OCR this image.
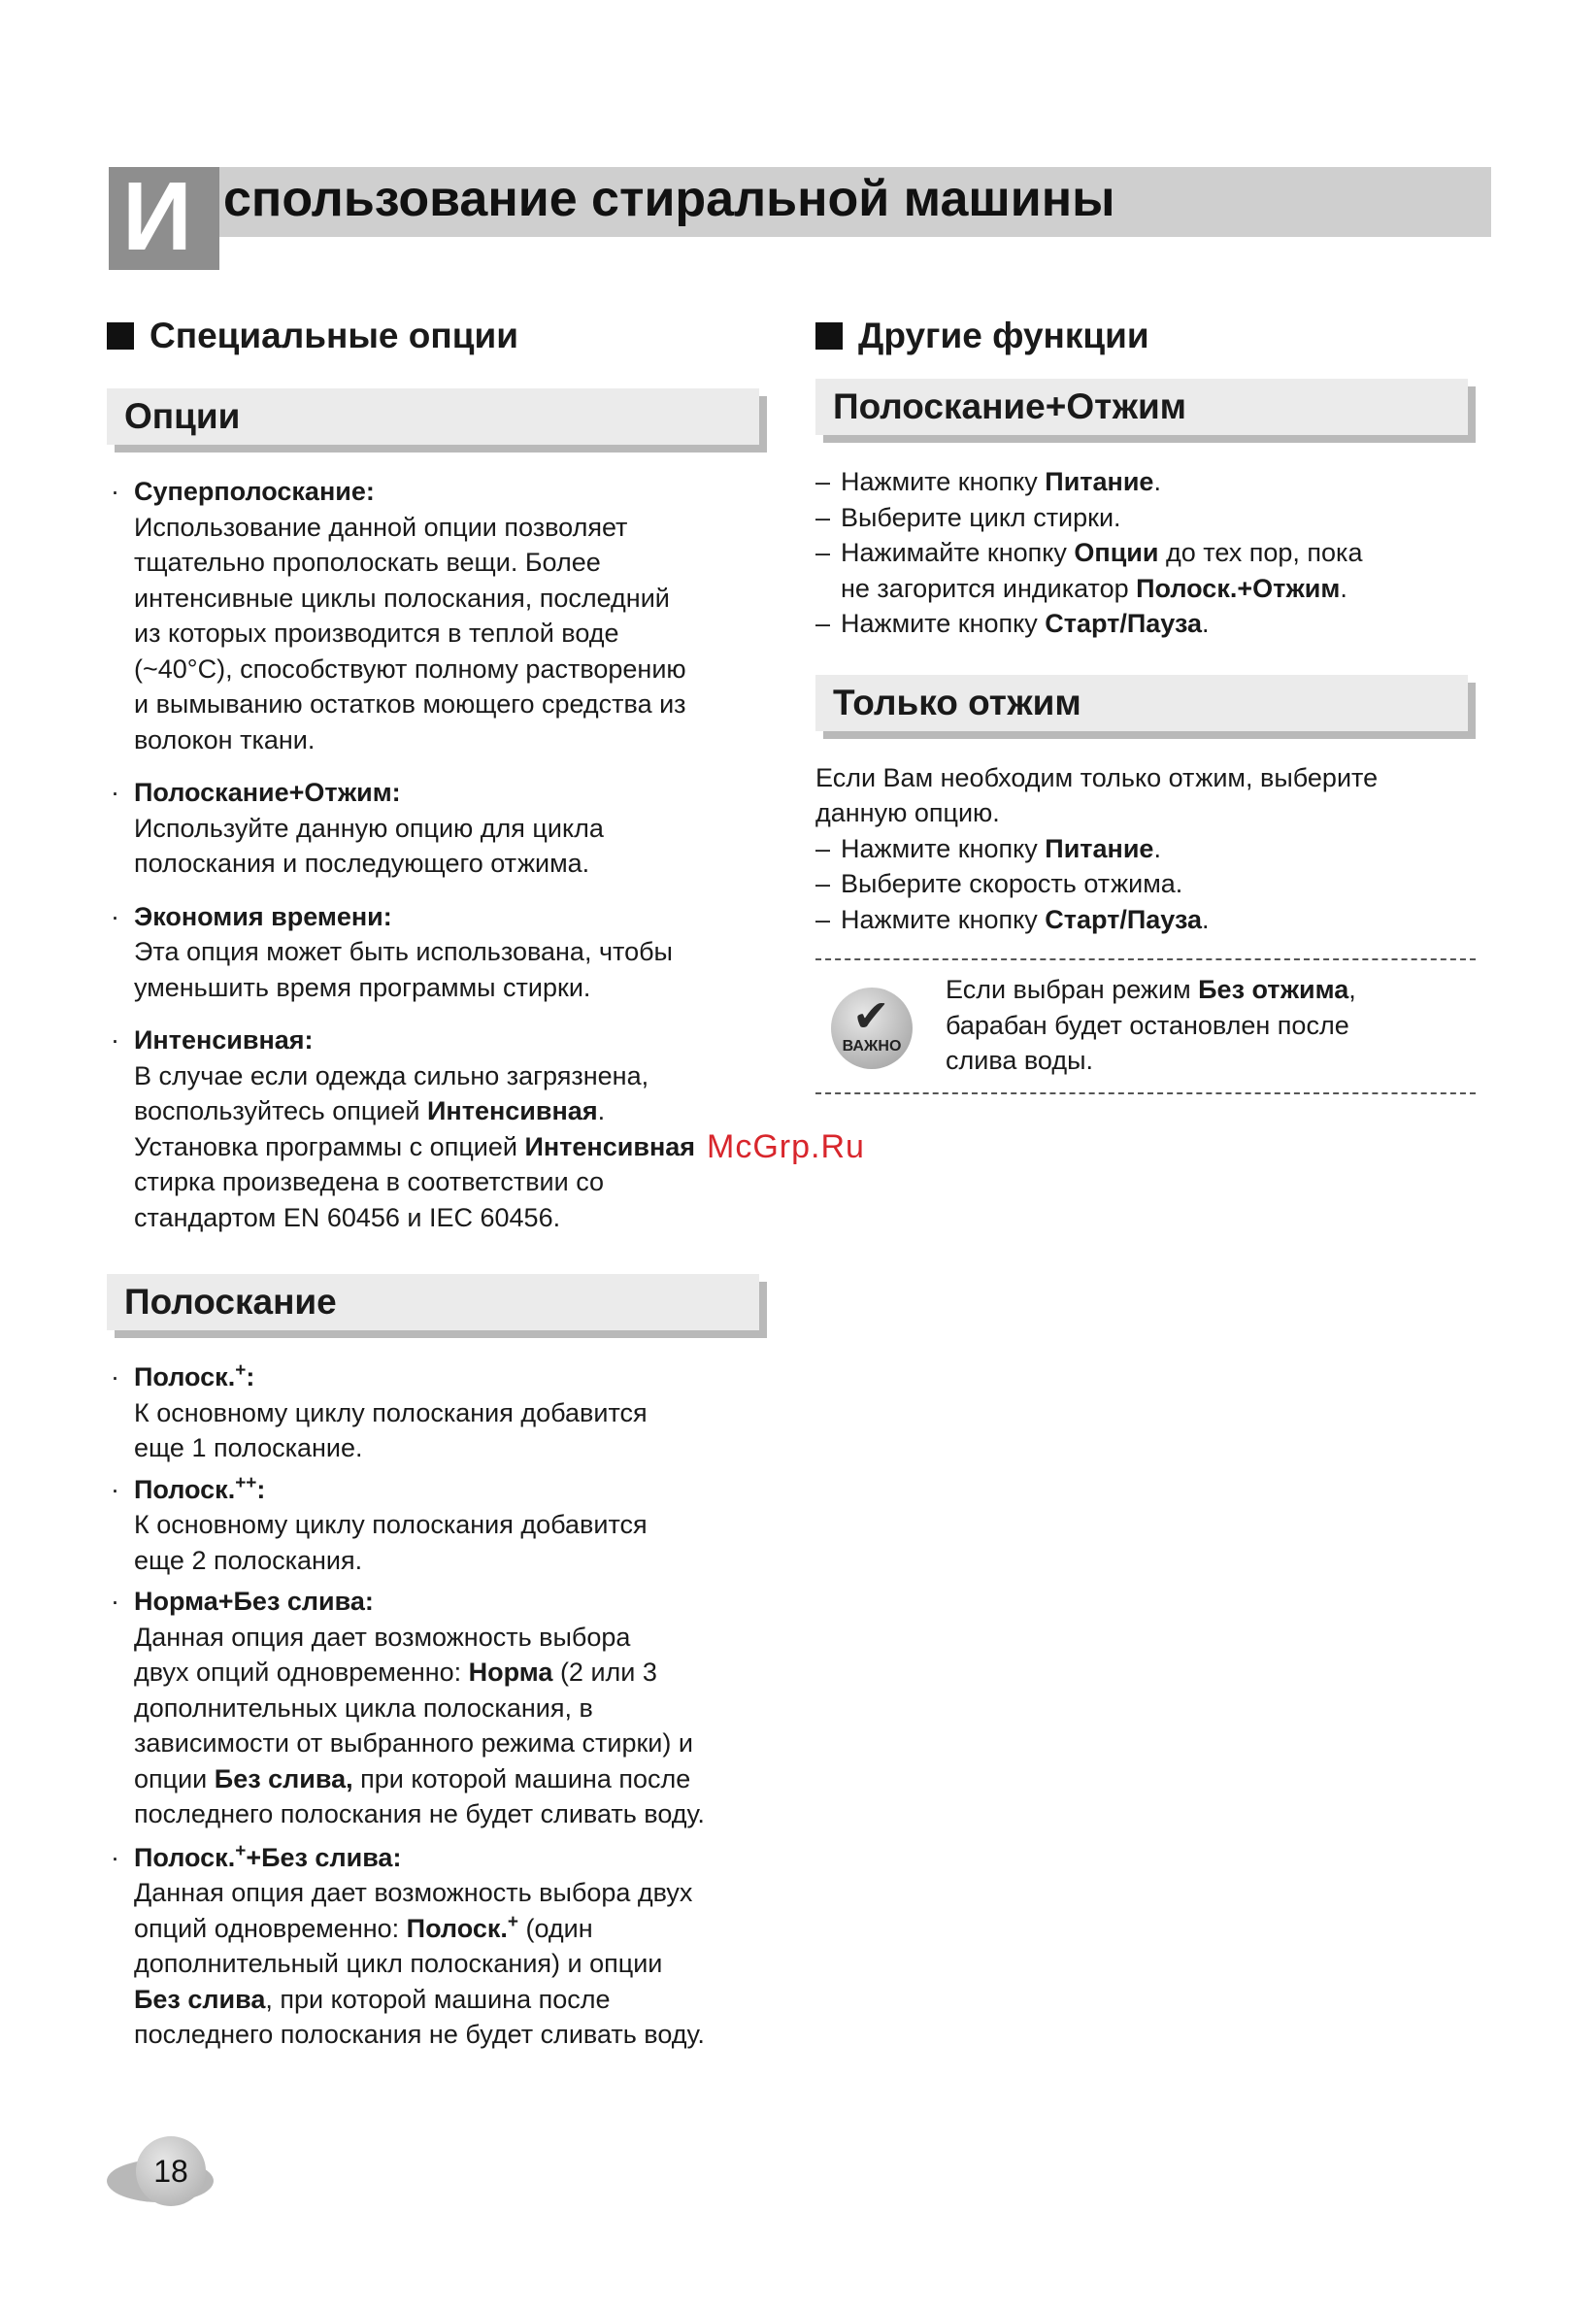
И спользование стиральной машины
Специальные опции
Опции
· Суперполоскание:
Использование данной опции позволяет
тщательно прополоскать вещи. Более
интенсивные циклы полоскания, последний
из которых производится в теплой воде
(~40°C), способствуют полному растворению
и вымыванию остатков моющего средства из
волокон ткани.
· Полоскание+Отжим:
Используйте данную опцию для цикла
полоскания и последующего отжима.
· Экономия времени:
Эта опция может быть использована, чтобы
уменьшить время программы стирки.
· Интенсивная:
В случае если одежда сильно загрязнена,
воспользуйтесь опцией Интенсивная.
Установка программы с опцией Интенсивная
стирка произведена в соответствии со
стандартом EN 60456 и IEC 60456.
Полоскание
· Полоск.+:
К основному циклу полоскания добавится
еще 1 полоскание.
· Полоск.++:
К основному циклу полоскания добавится
еще 2 полоскания.
· Норма+Без слива:
Данная опция дает возможность выбора
двух опций одновременно: Норма (2 или 3
дополнительных цикла полоскания, в
зависимости от выбранного режима стирки) и
опции Без слива, при которой машина после
последнего полоскания не будет сливать воду.
· Полоск.++Без слива:
Данная опция дает возможность выбора двух
опций одновременно: Полоск.+ (один
дополнительный цикл полоскания) и опции
Без слива, при которой машина после
последнего полоскания не будет сливать воду.
Другие функции
Полоскание+Отжим
– Нажмите кнопку Питание.
– Выберите цикл стирки.
– Нажимайте кнопку Опции до тех пор, пока
не загорится индикатор Полоск.+Отжим.
– Нажмите кнопку Старт/Пауза.
Только отжим
Если Вам необходим только отжим, выберите
данную опцию.
– Нажмите кнопку Питание.
– Выберите скорость отжима.
– Нажмите кнопку Старт/Пауза.
✔
ВАЖНО
Если выбран режим Без отжима,
барабан будет остановлен после
слива воды.
McGrp.Ru
18
